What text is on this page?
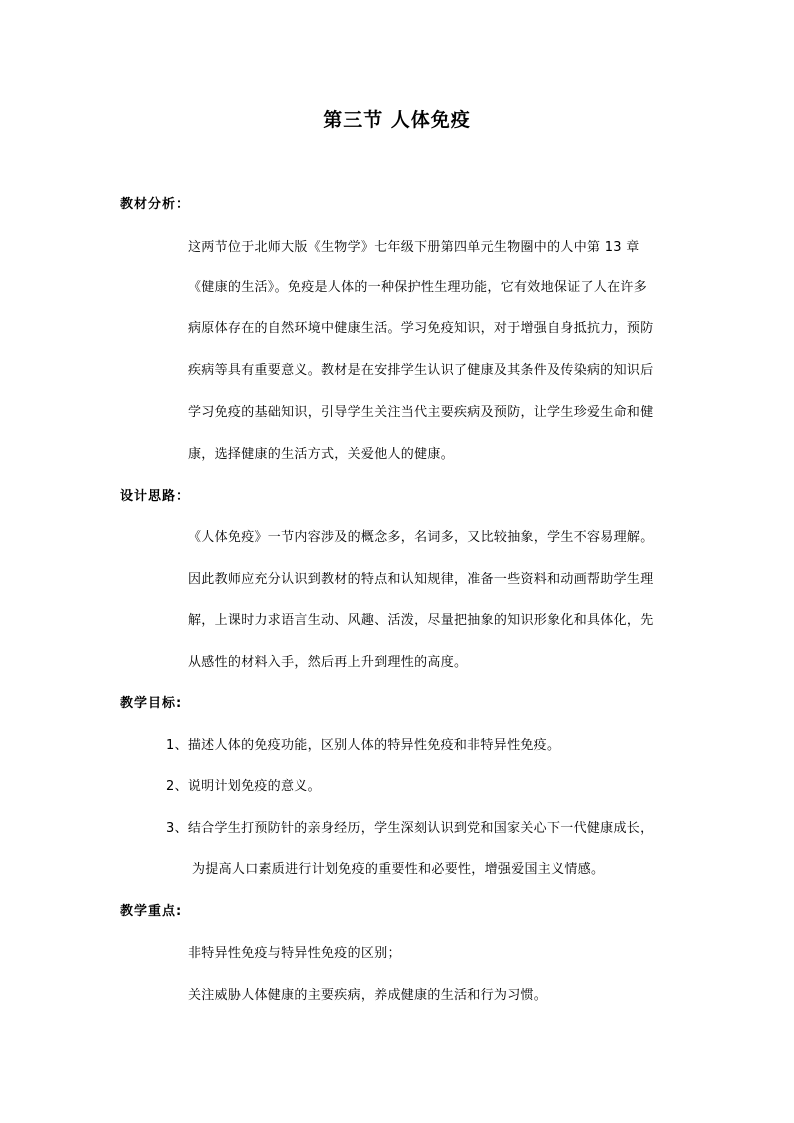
第三节 人体免疫
教材分析：
这两节位于北师大版《生物学》七年级下册第四单元生物圈中的人中第 13 章
《健康的生活》。免疫是人体的一种保护性生理功能，它有效地保证了人在许多
病原体存在的自然环境中健康生活。学习免疫知识，对于增强自身抵抗力，预防
疾病等具有重要意义。教材是在安排学生认识了健康及其条件及传染病的知识后
学习免疫的基础知识，引导学生关注当代主要疾病及预防，让学生珍爱生命和健
康，选择健康的生活方式，关爱他人的健康。
设计思路：
《人体免疫》一节内容涉及的概念多，名词多，又比较抽象，学生不容易理解。
因此教师应充分认识到教材的特点和认知规律，准备一些资料和动画帮助学生理
解，上课时力求语言生动、风趣、活泼，尽量把抽象的知识形象化和具体化，先
从感性的材料入手，然后再上升到理性的高度。
教学目标:
1、描述人体的免疫功能，区别人体的特异性免疫和非特异性免疫。
2、说明计划免疫的意义。
3、结合学生打预防针的亲身经历，学生深刻认识到党和国家关心下一代健康成长，
为提高人口素质进行计划免疫的重要性和必要性，增强爱国主义情感。
教学重点:
非特异性免疫与特异性免疫的区别；
关注威胁人体健康的主要疾病，养成健康的生活和行为习惯。
